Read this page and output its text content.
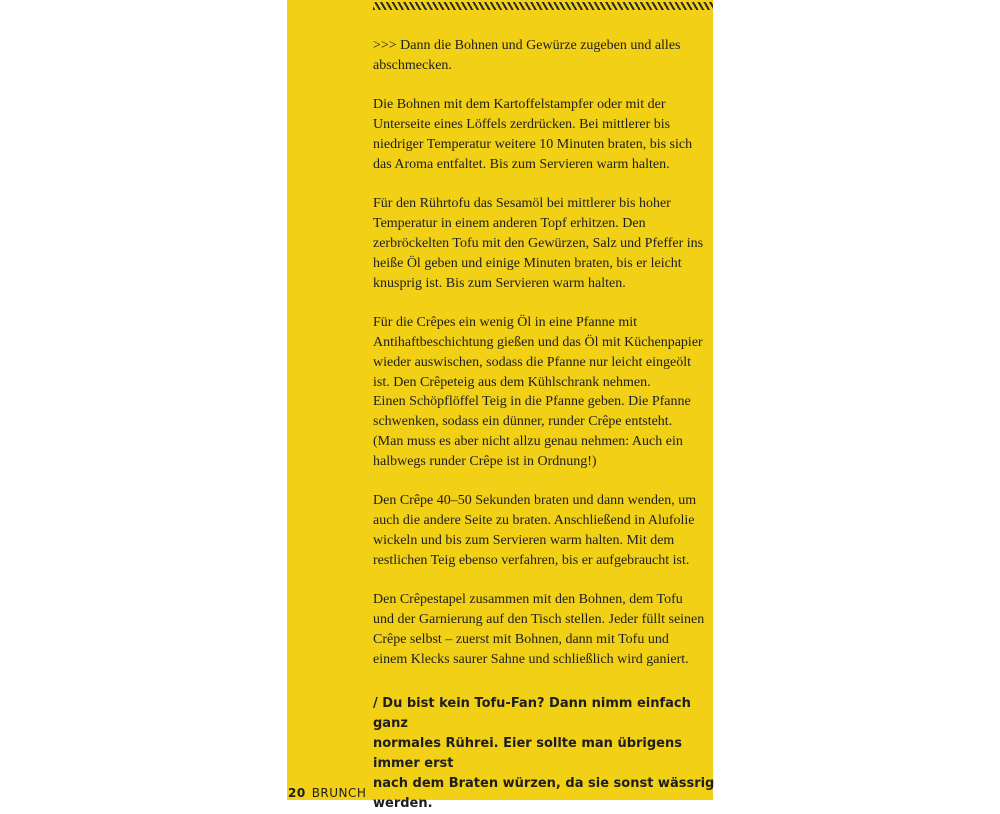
>>> Dann die Bohnen und Gewürze zugeben und alles
abschmecken.

Die Bohnen mit dem Kartoffelstampfer oder mit der
Unterseite eines Löffels zerdrücken. Bei mittlerer bis
niedriger Temperatur weitere 10 Minuten braten, bis sich
das Aroma entfaltet. Bis zum Servieren warm halten.

Für den Rührtofu das Sesamöl bei mittlerer bis hoher
Temperatur in einem anderen Topf erhitzen. Den
zerbröckelten Tofu mit den Gewürzen, Salz und Pfeffer ins
heiße Öl geben und einige Minuten braten, bis er leicht
knusprig ist. Bis zum Servieren warm halten.

Für die Crêpes ein wenig Öl in eine Pfanne mit
Antihaftbeschichtung gießen und das Öl mit Küchenpapier
wieder auswischen, sodass die Pfanne nur leicht eingeölt
ist. Den Crêpeteig aus dem Kühlschrank nehmen.
Einen Schöpflöffel Teig in die Pfanne geben. Die Pfanne
schwenken, sodass ein dünner, runder Crêpe entsteht.
(Man muss es aber nicht allzu genau nehmen: Auch ein
halbwegs runder Crêpe ist in Ordnung!)

Den Crêpe 40–50 Sekunden braten und dann wenden, um
auch die andere Seite zu braten. Anschließend in Alufolie
wickeln und bis zum Servieren warm halten. Mit dem
restlichen Teig ebenso verfahren, bis er aufgebraucht ist.

Den Crêpestapel zusammen mit den Bohnen, dem Tofu
und der Garnierung auf den Tisch stellen. Jeder füllt seinen
Crêpe selbst – zuerst mit Bohnen, dann mit Tofu und
einem Klecks saurer Sahne und schließlich wird ganiert.

/ Du bist kein Tofu-Fan? Dann nimm einfach ganz
normales Rührei. Eier sollte man übrigens immer erst
nach dem Braten würzen, da sie sonst wässrig werden.
20 BRUNCH
